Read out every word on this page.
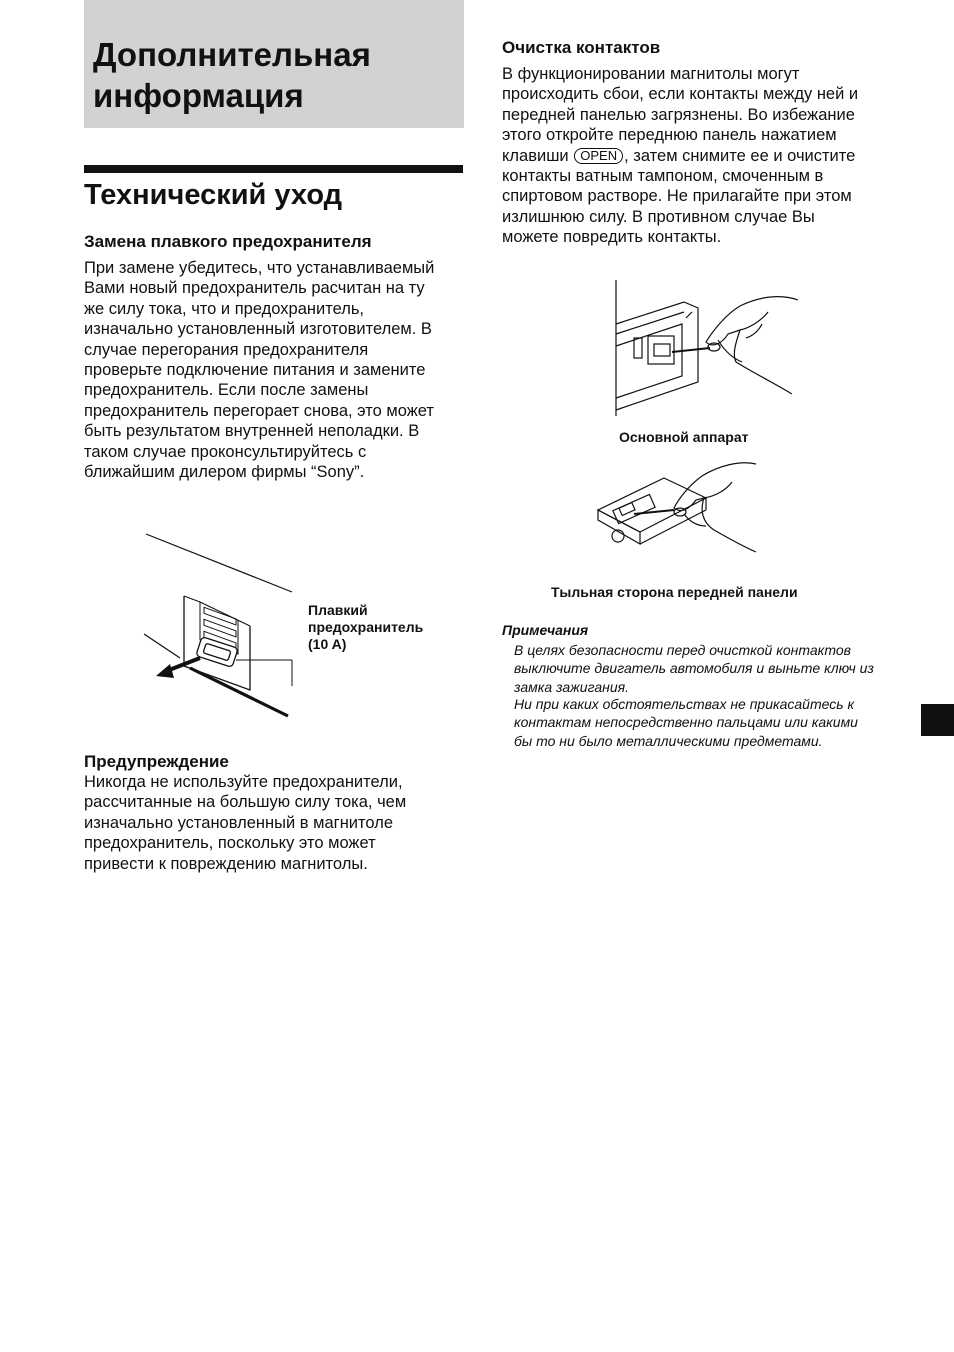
Дополнительная информация
Технический уход
Замена плавкого предохранителя

При замене убедитесь, что устанавливаемый Вами новый предохранитель расчитан на ту же силу тока, что и предохранитель, изначально установленный изготовителем. В случае перегорания предохранителя проверьте подключение питания и замените предохранитель. Если после замены предохранитель перегорает снова, это может быть результатом внутренней неполадки. В таком случае проконсультируйтесь с ближайшим дилером фирмы “Sony”.

Плавкий

предохранитель

(10 A)

Предупреждение

Никогда не используйте предохранители, рассчитанные на большую силу тока, чем изначально установленный в магнитоле предохранитель, поскольку это может привести к повреждению магнитолы.

Очистка контактов

В функционировании магнитолы могут происходить сбои, если контакты между ней и передней панелью загрязнены. Во избежание этого откройте переднюю панель нажатием клавиши OPEN , затем снимите ее и очистите контакты ватным тампоном, смоченным в спиртовом растворе. Не прилагайте при этом излишнюю силу. В противном случае Вы можете повредить контакты.

Основной аппарат

Тыльная сторона передней панели

Примечания

В целях безопасности перед очисткой контактов выключите двигатель автомобиля и выньте ключ из замка зажигания.

Ни при каких обстоятельствах не прикасайтесь к контактам непосредственно пальцами или какими бы то ни было металлическими предметами.
